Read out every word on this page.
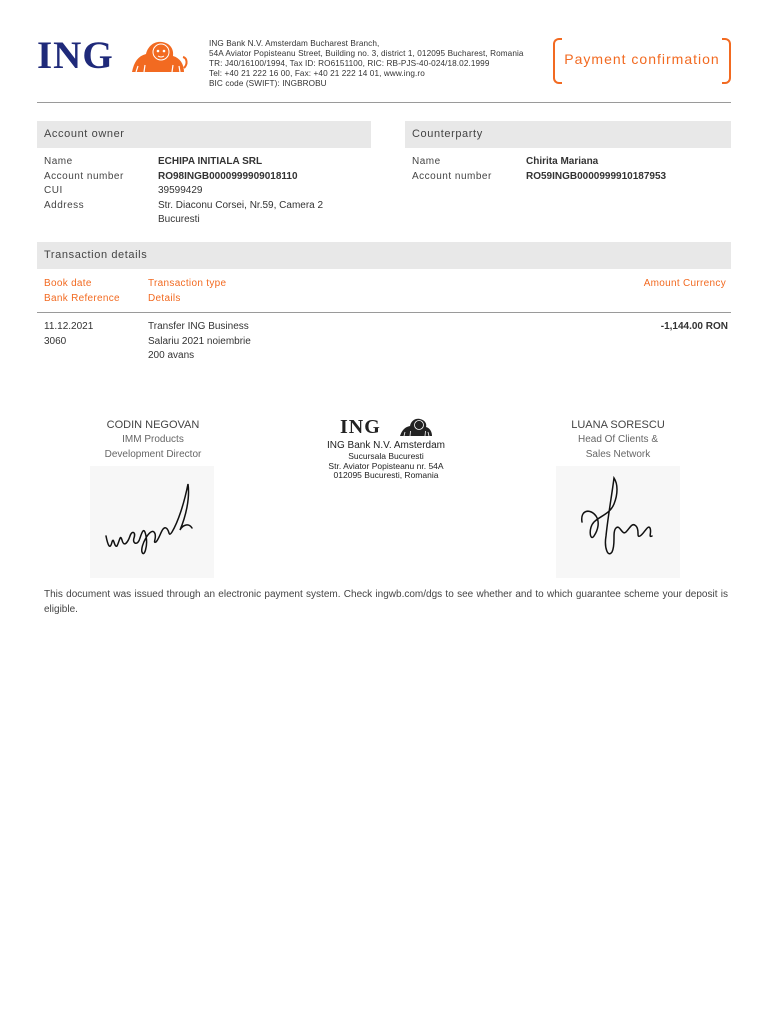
ING	ING Bank N.V. Amsterdam Bucharest Branch,
54A Aviator Popisteanu Street, Building no. 3, district 1, 012095 Bucharest, Romania
TR: J40/16100/1994, Tax ID: RO6151100, RIC: RB-PJS-40-024/18.02.1999
Tel: +40 21 222 16 00, Fax: +40 21 222 14 01, www.ing.ro
BIC code (SWIFT): INGBROBU
Payment confirmation
Account owner
Name
Account number
CUI
Address
ECHIPA INITIALA SRL
RO98INGB0000999909018110
39599429
Str. Diaconu Corsei, Nr.59, Camera 2
Bucuresti
Counterparty
Name
Account number
Chirita Mariana
RO59INGB0000999910187953
Transaction details
Book date
Bank Reference
Transaction type
Details
Amount Currency
11.12.2021
3060
Transfer ING Business
Salariu 2021 noiembrie
200 avans
-1,144.00 RON
CODIN NEGOVAN
IMM Products
Development Director
ING
ING Bank N.V. Amsterdam
Sucursala Bucuresti
Str. Aviator Popisteanu nr. 54A
012095 Bucuresti, Romania
LUANA SORESCU
Head Of Clients &
Sales Network
This document was issued through an electronic payment system. Check ingwb.com/dgs to see whether and to which guarantee scheme your deposit is eligible.
